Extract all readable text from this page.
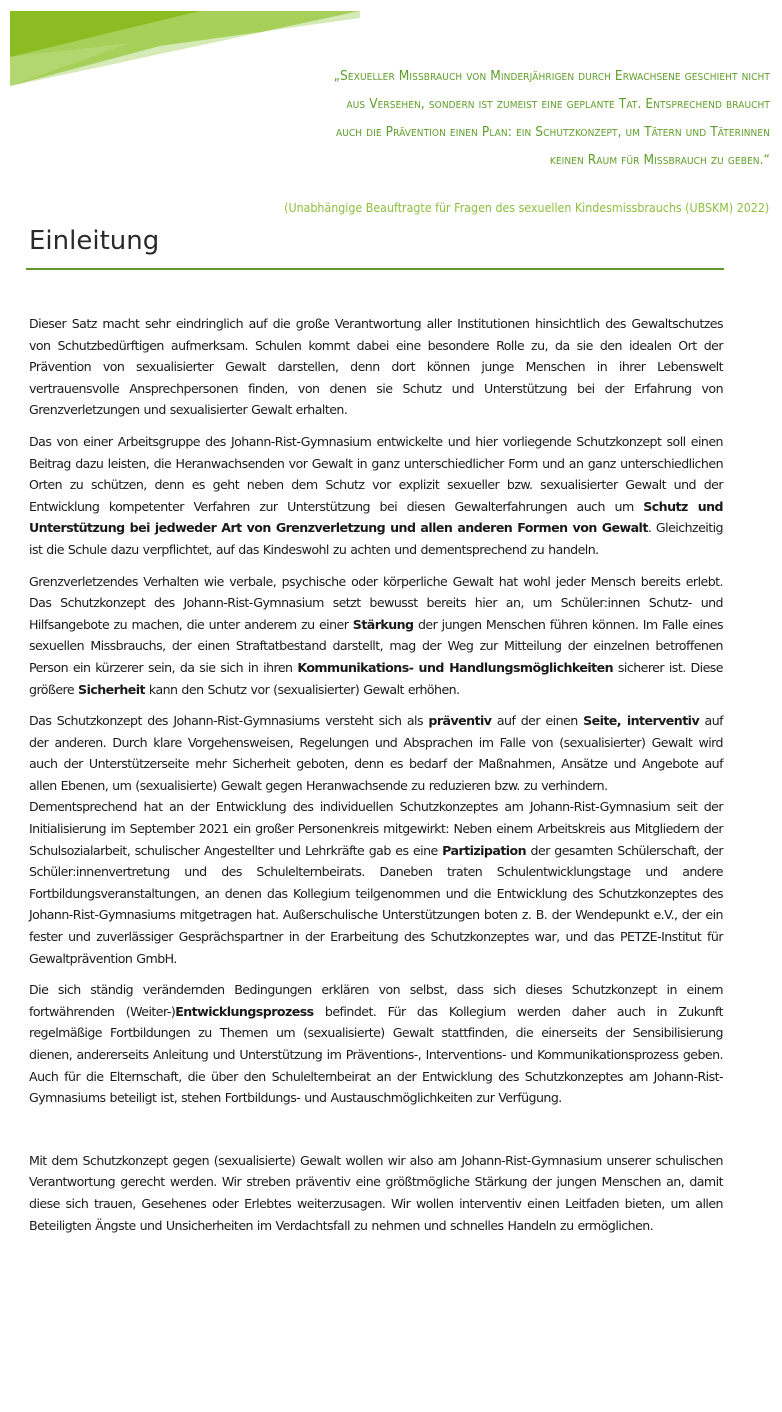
„Sexueller Missbrauch von Minderjährigen durch Erwachsene geschieht nicht
aus Versehen, sondern ist zumeist eine geplante Tat. Entsprechend braucht
auch die Prävention einen Plan: ein Schutzkonzept, um Tätern und Täterinnen
keinen Raum für Missbrauch zu geben.“
(Unabhängige Beauftragte für Fragen des sexuellen Kindesmissbrauchs (UBSKM) 2022)
Einleitung

Dieser Satz macht sehr eindringlich auf die große Verantwortung aller Institutionen hinsichtlich des Gewaltschutzes von Schutzbedürftigen aufmerksam. Schulen kommt dabei eine besondere Rolle zu, da sie den idealen Ort der Prävention von sexualisierter Gewalt darstellen, denn dort können junge Menschen in ihrer Lebenswelt vertrauensvolle Ansprechpersonen finden, von denen sie Schutz und Unterstützung bei der Erfahrung von Grenzverletzungen und sexualisierter Gewalt erhalten.

Das von einer Arbeitsgruppe des Johann-Rist-Gymnasium entwickelte und hier vorliegende Schutzkonzept soll einen Beitrag dazu leisten, die Heranwachsenden vor Gewalt in ganz unterschiedlicher Form und an ganz unterschiedlichen Orten zu schützen, denn es geht neben dem Schutz vor explizit sexueller bzw. sexualisierter Gewalt und der Entwicklung kompetenter Verfahren zur Unterstützung bei diesen Gewalterfahrungen auch um Schutz und Unterstützung bei jedweder Art von Grenzverletzung und allen anderen Formen von Gewalt. Gleichzeitig ist die Schule dazu verpflichtet, auf das Kindeswohl zu achten und dementsprechend zu handeln.

Grenzverletzendes Verhalten wie verbale, psychische oder körperliche Gewalt hat wohl jeder Mensch bereits erlebt. Das Schutzkonzept des Johann-Rist-Gymnasium setzt bewusst bereits hier an, um Schüler:innen Schutz- und Hilfsangebote zu machen, die unter anderem zu einer Stärkung der jungen Menschen führen können. Im Falle eines sexuellen Missbrauchs, der einen Straftatbestand darstellt, mag der Weg zur Mitteilung der einzelnen betroffenen Person ein kürzerer sein, da sie sich in ihren Kommunikations- und Handlungsmöglichkeiten sicherer ist. Diese größere Sicherheit kann den Schutz vor (sexualisierter) Gewalt erhöhen.

Das Schutzkonzept des Johann-Rist-Gymnasiums versteht sich als präventiv auf der einen Seite, interventiv auf der anderen. Durch klare Vorgehensweisen, Regelungen und Absprachen im Falle von (sexualisierter) Gewalt wird auch der Unterstützerseite mehr Sicherheit geboten, denn es bedarf der Maßnahmen, Ansätze und Angebote auf allen Ebenen, um (sexualisierte) Gewalt gegen Heranwachsende zu reduzieren bzw. zu verhindern.

Dementsprechend hat an der Entwicklung des individuellen Schutzkonzeptes am Johann-Rist-Gymnasium seit der Initialisierung im September 2021 ein großer Personenkreis mitgewirkt: Neben einem Arbeitskreis aus Mitgliedern der Schulsozialarbeit, schulischer Angestellter und Lehrkräfte gab es eine Partizipation der gesamten Schülerschaft, der Schüler:innenvertretung und des Schulelternbeirats. Daneben traten Schulentwicklungstage und andere Fortbildungsveranstaltungen, an denen das Kollegium teilgenommen und die Entwicklung des Schutzkonzeptes des Johann-Rist-Gymnasiums mitgetragen hat. Außerschulische Unterstützungen boten z. B. der Wendepunkt e.V., der ein fester und zuverlässiger Gesprächspartner in der Erarbeitung des Schutzkonzeptes war, und das PETZE-Institut für Gewaltprävention GmbH.

Die sich ständig verändernden Bedingungen erklären von selbst, dass sich dieses Schutzkonzept in einem fortwährenden (Weiter-)Entwicklungsprozess befindet. Für das Kollegium werden daher auch in Zukunft regelmäßige Fortbildungen zu Themen um (sexualisierte) Gewalt stattfinden, die einerseits der Sensibilisierung dienen, andererseits Anleitung und Unterstützung im Präventions-, Interventions- und Kommunikationsprozess geben. Auch für die Elternschaft, die über den Schulelternbeirat an der Entwicklung des Schutzkonzeptes am Johann-Rist-Gymnasiums beteiligt ist, stehen Fortbildungs- und Austauschmöglichkeiten zur Verfügung.

Mit dem Schutzkonzept gegen (sexualisierte) Gewalt wollen wir also am Johann-Rist-Gymnasium unserer schulischen Verantwortung gerecht werden. Wir streben präventiv eine größtmögliche Stärkung der jungen Menschen an, damit diese sich trauen, Gesehenes oder Erlebtes weiterzusagen. Wir wollen interventiv einen Leitfaden bieten, um allen Beteiligten Ängste und Unsicherheiten im Verdachtsfall zu nehmen und schnelles Handeln zu ermöglichen.
